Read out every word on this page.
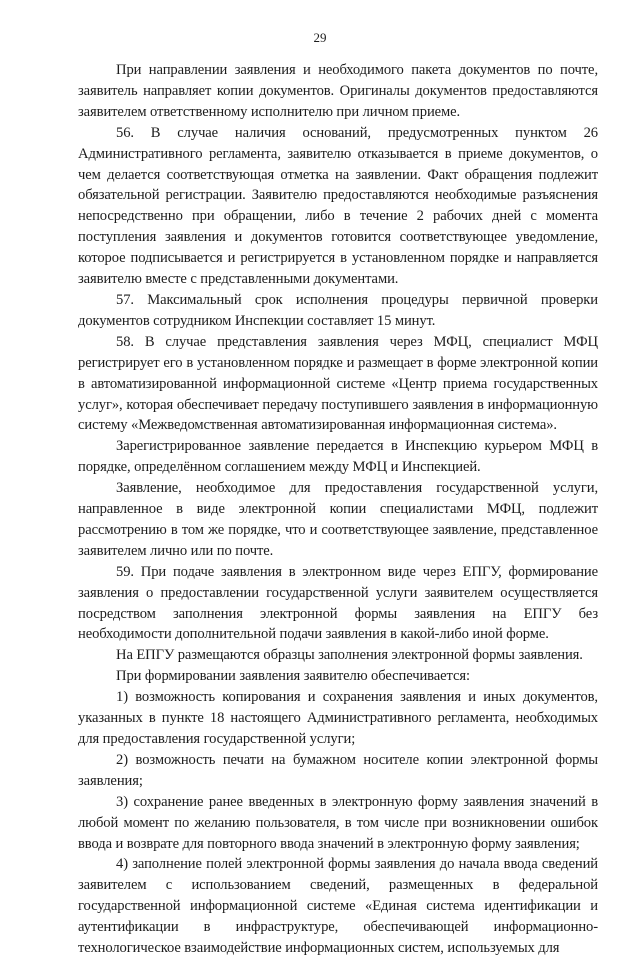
29

При направлении заявления и необходимого пакета документов по почте, заявитель направляет копии документов. Оригиналы документов предоставляются заявителем ответственному исполнителю при личном приеме.

56. В случае наличия оснований, предусмотренных пунктом 26 Административного регламента, заявителю отказывается в приеме документов, о чем делается соответствующая отметка на заявлении. Факт обращения подлежит обязательной регистрации. Заявителю предоставляются необходимые разъяснения непосредственно при обращении, либо в течение 2 рабочих дней с момента поступления заявления и документов готовится соответствующее уведомление, которое подписывается и регистрируется в установленном порядке и направляется заявителю вместе с представленными документами.

57. Максимальный срок исполнения процедуры первичной проверки документов сотрудником Инспекции составляет 15 минут.

58. В случае представления заявления через МФЦ, специалист МФЦ регистрирует его в установленном порядке и размещает в форме электронной копии в автоматизированной информационной системе «Центр приема государственных услуг», которая обеспечивает передачу поступившего заявления в информационную систему «Межведомственная автоматизированная информационная система».

Зарегистрированное заявление передается в Инспекцию курьером МФЦ в порядке, определённом соглашением между МФЦ и Инспекцией.

Заявление, необходимое для предоставления государственной услуги, направленное в виде электронной копии специалистами МФЦ, подлежит рассмотрению в том же порядке, что и соответствующее заявление, представленное заявителем лично или по почте.

59. При подаче заявления в электронном виде через ЕПГУ, формирование заявления о предоставлении государственной услуги заявителем осуществляется посредством заполнения электронной формы заявления на ЕПГУ без необходимости дополнительной подачи заявления в какой-либо иной форме.

На ЕПГУ размещаются образцы заполнения электронной формы заявления.

При формировании заявления заявителю обеспечивается:

1) возможность копирования и сохранения заявления и иных документов, указанных в пункте 18 настоящего Административного регламента, необходимых для предоставления государственной услуги;

2) возможность печати на бумажном носителе копии электронной формы заявления;

3) сохранение ранее введенных в электронную форму заявления значений в любой момент по желанию пользователя, в том числе при возникновении ошибок ввода и возврате для повторного ввода значений в электронную форму заявления;

4) заполнение полей электронной формы заявления до начала ввода сведений заявителем с использованием сведений, размещенных в федеральной государственной информационной системе «Единая система идентификации и аутентификации в инфраструктуре, обеспечивающей информационно-технологическое взаимодействие информационных систем, используемых для
